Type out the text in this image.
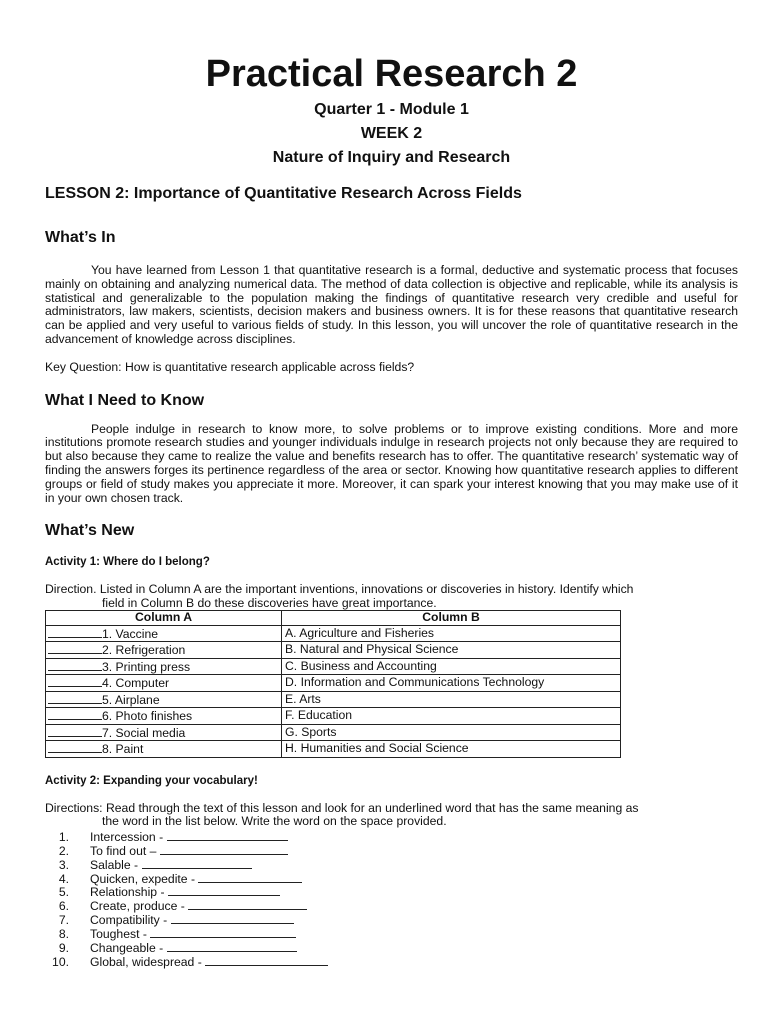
Practical Research 2

Quarter 1 - Module 1

WEEK 2

Nature of Inquiry and Research

LESSON 2: Importance of Quantitative Research Across Fields

What’s In

You have learned from Lesson 1 that quantitative research is a formal, deductive and systematic process that focuses mainly on obtaining and analyzing numerical data. The method of data collection is objective and replicable, while its analysis is statistical and generalizable to the population making the findings of quantitative research very credible and useful for administrators, law makers, scientists, decision makers and business owners. It is for these reasons that quantitative research can be applied and very useful to various fields of study. In this lesson, you will uncover the role of quantitative research in the advancement of knowledge across disciplines.

Key Question: How is quantitative research applicable across fields?

What I Need to Know

People indulge in research to know more, to solve problems or to improve existing conditions. More and more institutions promote research studies and younger individuals indulge in research projects not only because they are required to but also because they came to realize the value and benefits research has to offer. The quantitative research’ systematic way of finding the answers forges its pertinence regardless of the area or sector. Knowing how quantitative research applies to different groups or field of study makes you appreciate it more. Moreover, it can spark your interest knowing that you may make use of it in your own chosen track.

What’s New

Activity 1: Where do I belong?

Direction. Listed in Column A are the important inventions, innovations or discoveries in history. Identify which
field in Column B do these discoveries have great importance.

Column A	Column B
1. Vaccine	A. Agriculture and Fisheries
2. Refrigeration	B. Natural and Physical Science
3. Printing press	C. Business and Accounting
4. Computer	D. Information and Communications Technology
5. Airplane	E. Arts
6. Photo finishes	F. Education
7. Social media	G. Sports
8. Paint	H. Humanities and Social Science

Activity 2: Expanding your vocabulary!

Directions: Read through the text of this lesson and look for an underlined word that has the same meaning as
the word in the list below. Write the word on the space provided.

1. Intercession -
2. To find out –
3. Salable -
4. Quicken, expedite -
5. Relationship -
6. Create, produce -
7. Compatibility -
8. Toughest -
9. Changeable -
10. Global, widespread -
